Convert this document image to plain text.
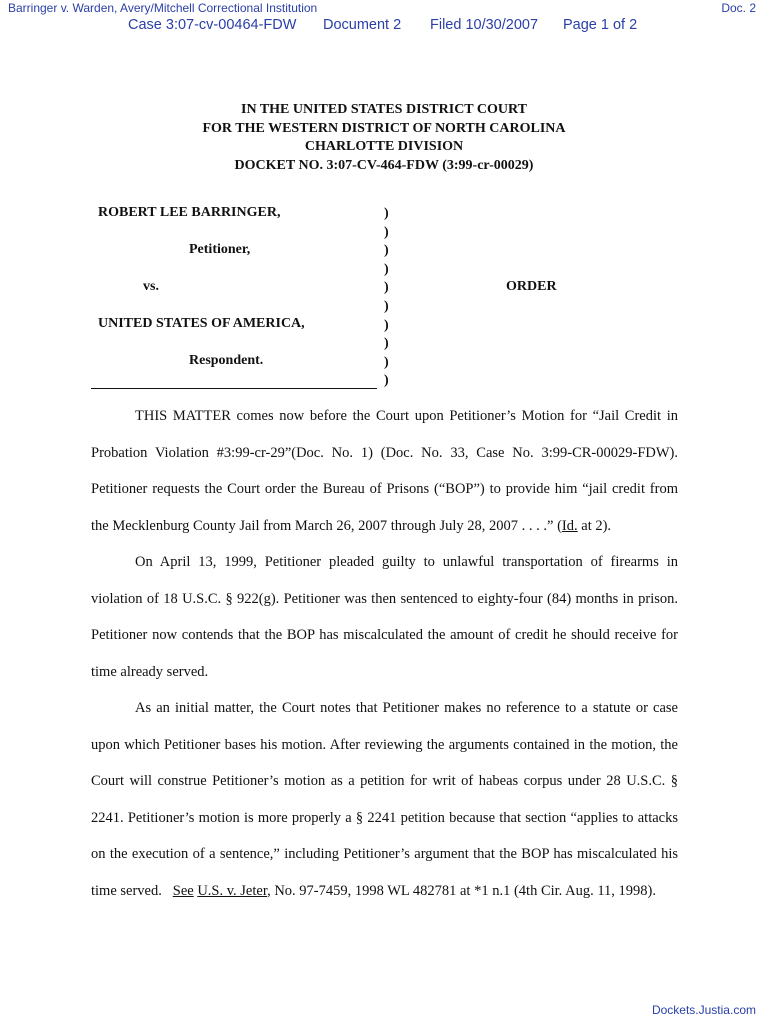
Barringer v. Warden, Avery/Mitchell Correctional Institution	Doc. 2
Case 3:07-cv-00464-FDW Document 2 Filed 10/30/2007 Page 1 of 2
IN THE UNITED STATES DISTRICT COURT
FOR THE WESTERN DISTRICT OF NORTH CAROLINA
CHARLOTTE DIVISION
DOCKET NO. 3:07-CV-464-FDW (3:99-cr-00029)
ROBERT LEE BARRINGER,
Petitioner,
vs.
UNITED STATES OF AMERICA,
Respondent.
ORDER
)
)
)
)
)
)
)
)
)
)
THIS MATTER comes now before the Court upon Petitioner’s Motion for “Jail Credit in
Probation Violation #3:99-cr-29”(Doc. No. 1) (Doc. No. 33, Case No. 3:99-CR-00029-FDW).
Petitioner requests the Court order the Bureau of Prisons (“BOP”) to provide him “jail credit from
the Mecklenburg County Jail from March 26, 2007 through July 28, 2007 . . . .” (Id. at 2).
On April 13, 1999, Petitioner pleaded guilty to unlawful transportation of firearms in
violation of 18 U.S.C. § 922(g). Petitioner was then sentenced to eighty-four (84) months in prison.
Petitioner now contends that the BOP has miscalculated the amount of credit he should receive for
time already served.
As an initial matter, the Court notes that Petitioner makes no reference to a statute or case
upon which Petitioner bases his motion. After reviewing the arguments contained in the motion, the
Court will construe Petitioner’s motion as a petition for writ of habeas corpus under 28 U.S.C. §
2241. Petitioner’s motion is more properly a § 2241 petition because that section “applies to attacks
on the execution of a sentence,” including Petitioner’s argument that the BOP has miscalculated his
time served.   See U.S. v. Jeter, No. 97-7459, 1998 WL 482781 at *1 n.1 (4th Cir. Aug. 11, 1998).
Dockets.Justia.com
